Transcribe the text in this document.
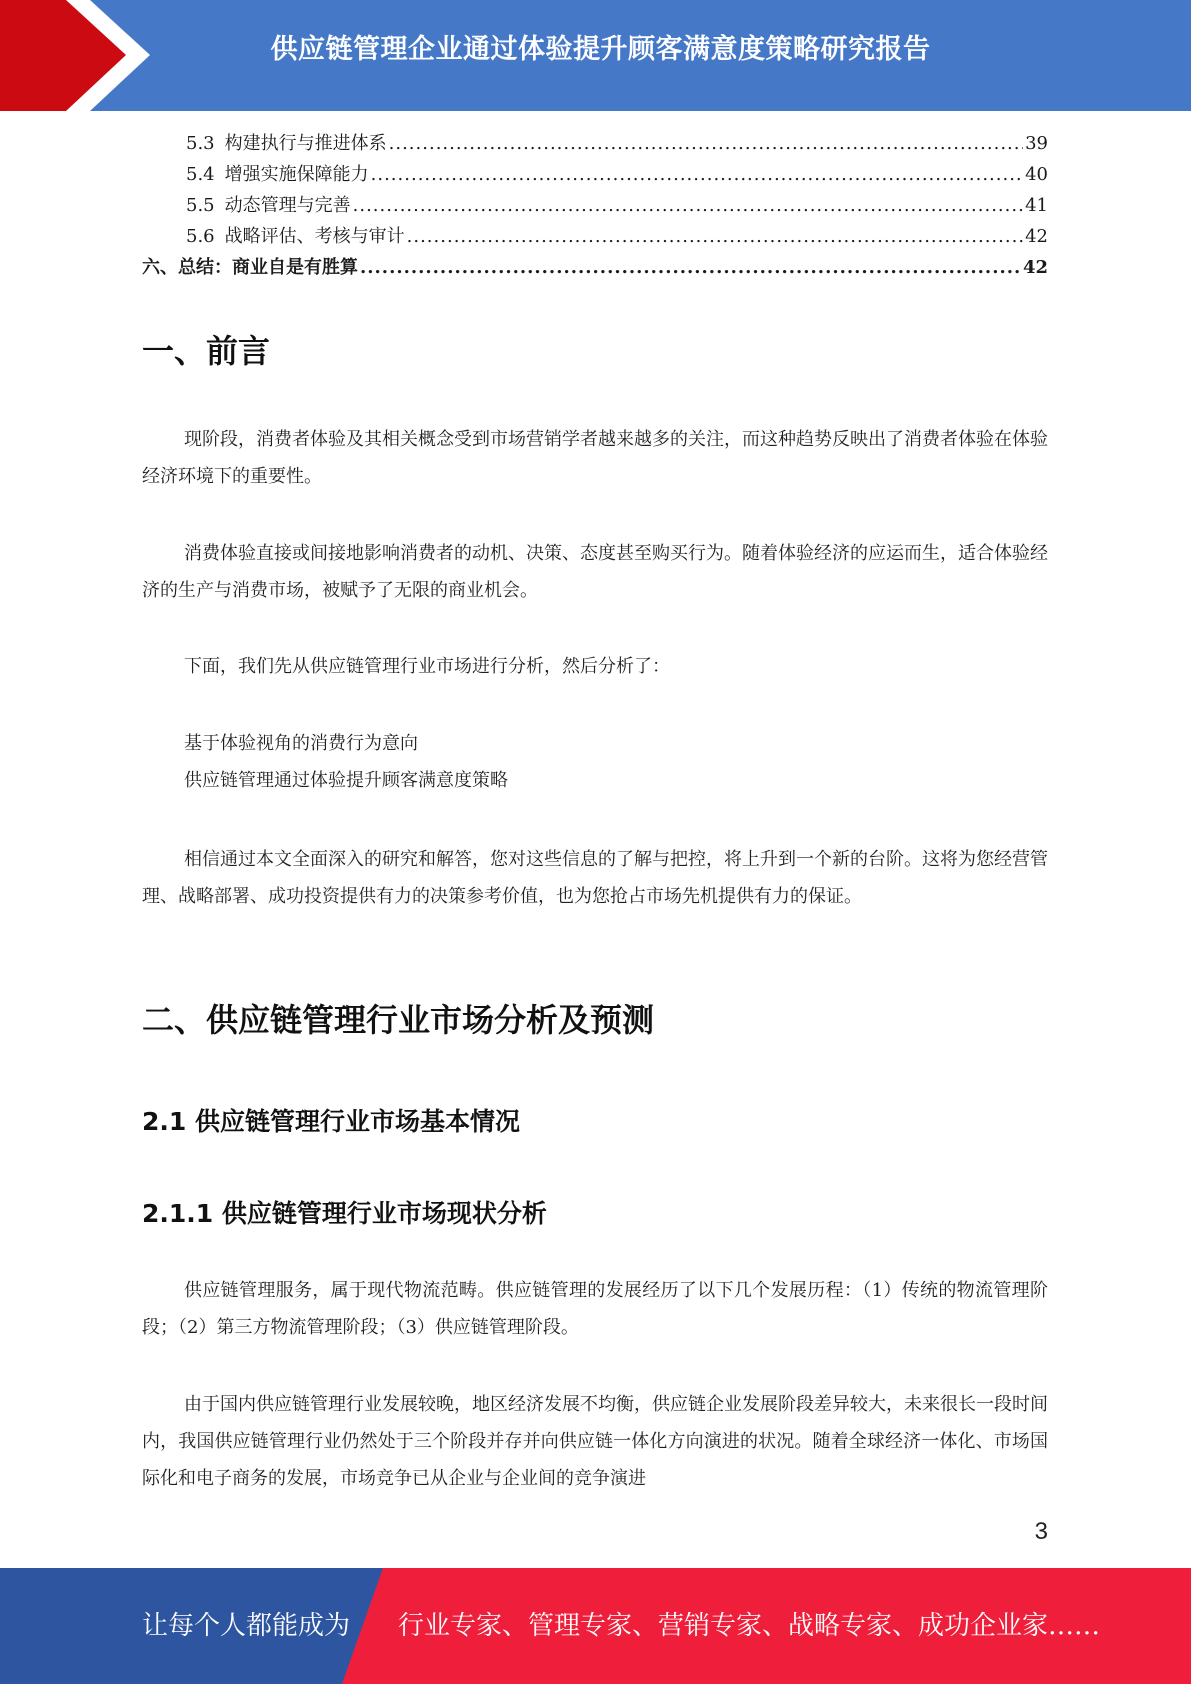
供应链管理企业通过体验提升顾客满意度策略研究报告
5.3 构建执行与推进体系 .....	39
5.4 增强实施保障能力 .....	40
5.5 动态管理与完善 .....	41
5.6 战略评估、考核与审计 .....	42
六、总结：商业自是有胜算 .....	42
一、前言
现阶段，消费者体验及其相关概念受到市场营销学者越来越多的关注，而这种趋势反映出了消费者体验在体验经济环境下的重要性。
消费体验直接或间接地影响消费者的动机、决策、态度甚至购买行为。随着体验经济的应运而生，适合体验经济的生产与消费市场，被赋予了无限的商业机会。
下面，我们先从供应链管理行业市场进行分析，然后分析了：
基于体验视角的消费行为意向
供应链管理通过体验提升顾客满意度策略
相信通过本文全面深入的研究和解答，您对这些信息的了解与把控，将上升到一个新的台阶。这将为您经营管理、战略部署、成功投资提供有力的决策参考价值，也为您抢占市场先机提供有力的保证。
二、供应链管理行业市场分析及预测
2.1 供应链管理行业市场基本情况
2.1.1 供应链管理行业市场现状分析
供应链管理服务，属于现代物流范畴。供应链管理的发展经历了以下几个发展历程：（1）传统的物流管理阶段；（2）第三方物流管理阶段；（3）供应链管理阶段。
由于国内供应链管理行业发展较晚，地区经济发展不均衡，供应链企业发展阶段差异较大，未来很长一段时间内，我国供应链管理行业仍然处于三个阶段并存并向供应链一体化方向演进的状况。随着全球经济一体化、市场国际化和电子商务的发展，市场竞争已从企业与企业间的竞争演进
3
让每个人都能成为 行业专家、管理专家、营销专家、战略专家、成功企业家……
